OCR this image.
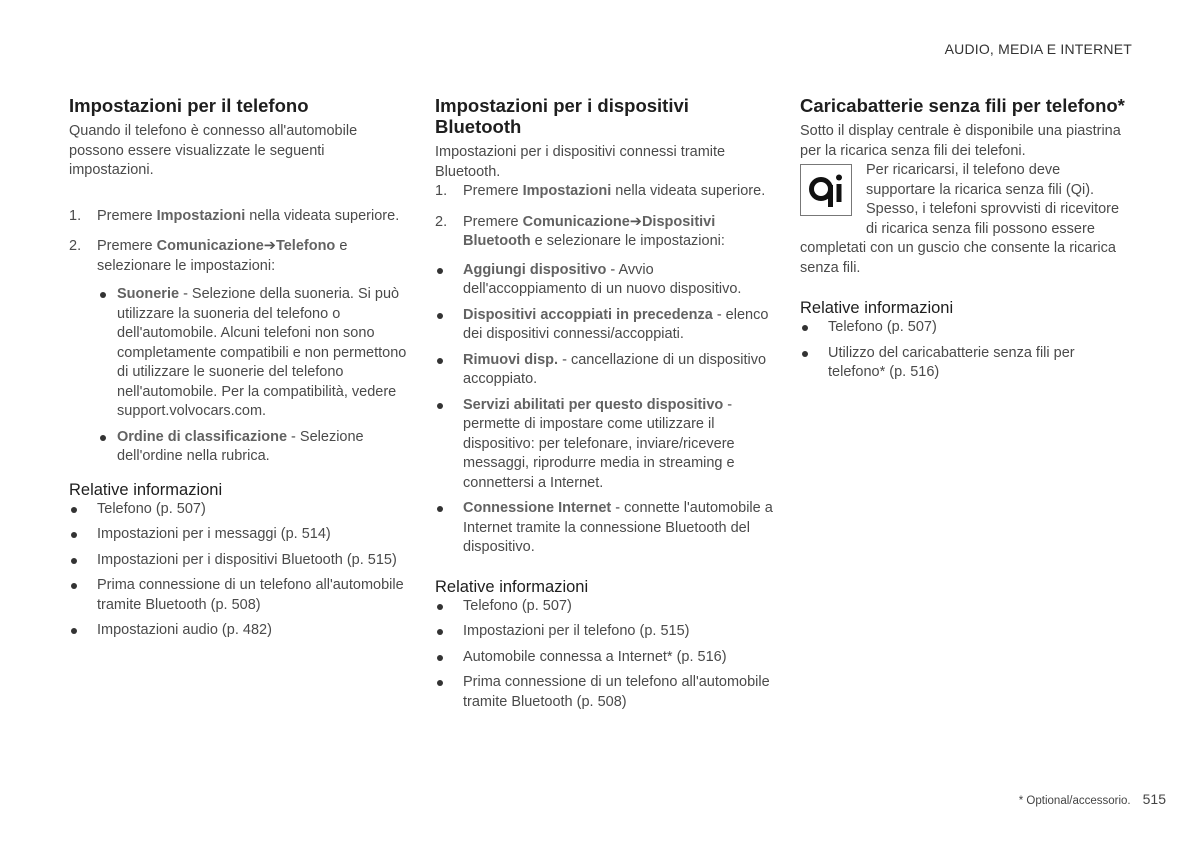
AUDIO, MEDIA E INTERNET
Impostazioni per il telefono

Quando il telefono è connesso all'automobile possono essere visualizzate le seguenti impostazioni.

1. Premere Impostazioni nella videata superiore.
2. Premere Comunicazione➔Telefono e selezionare le impostazioni:
Suonerie - Selezione della suoneria. Si può utilizzare la suoneria del telefono o dell'automobile. Alcuni telefoni non sono completamente compatibili e non permettono di utilizzare le suonerie del telefono nell'automobile. Per la compatibilità, vedere support.volvocars.com.
Ordine di classificazione - Selezione dell'ordine nella rubrica.
Relative informazioni
Telefono (p. 507)
Impostazioni per i messaggi (p. 514)
Impostazioni per i dispositivi Bluetooth (p. 515)
Prima connessione di un telefono all'automobile tramite Bluetooth (p. 508)
Impostazioni audio (p. 482)
Impostazioni per i dispositivi Bluetooth

Impostazioni per i dispositivi connessi tramite Bluetooth.

1. Premere Impostazioni nella videata superiore.
2. Premere Comunicazione➔Dispositivi Bluetooth e selezionare le impostazioni:
Aggiungi dispositivo - Avvio dell'accoppiamento di un nuovo dispositivo.
Dispositivi accoppiati in precedenza - elenco dei dispositivi connessi/accoppiati.
Rimuovi disp. - cancellazione di un dispositivo accoppiato.
Servizi abilitati per questo dispositivo - permette di impostare come utilizzare il dispositivo: per telefonare, inviare/ricevere messaggi, riprodurre media in streaming e connettersi a Internet.
Connessione Internet - connette l'automobile a Internet tramite la connessione Bluetooth del dispositivo.
Relative informazioni
Telefono (p. 507)
Impostazioni per il telefono (p. 515)
Automobile connessa a Internet* (p. 516)
Prima connessione di un telefono all'automobile tramite Bluetooth (p. 508)
Caricabatterie senza fili per telefono*

Sotto il display centrale è disponibile una piastrina per la ricarica senza fili dei telefoni.

Per ricaricarsi, il telefono deve supportare la ricarica senza fili (Qi). Spesso, i telefoni sprovvisti di ricevitore di ricarica senza fili possono essere completati con un guscio che consente la ricarica senza fili.

Relative informazioni
Telefono (p. 507)
Utilizzo del caricabatterie senza fili per telefono* (p. 516)
* Optional/accessorio. 515
